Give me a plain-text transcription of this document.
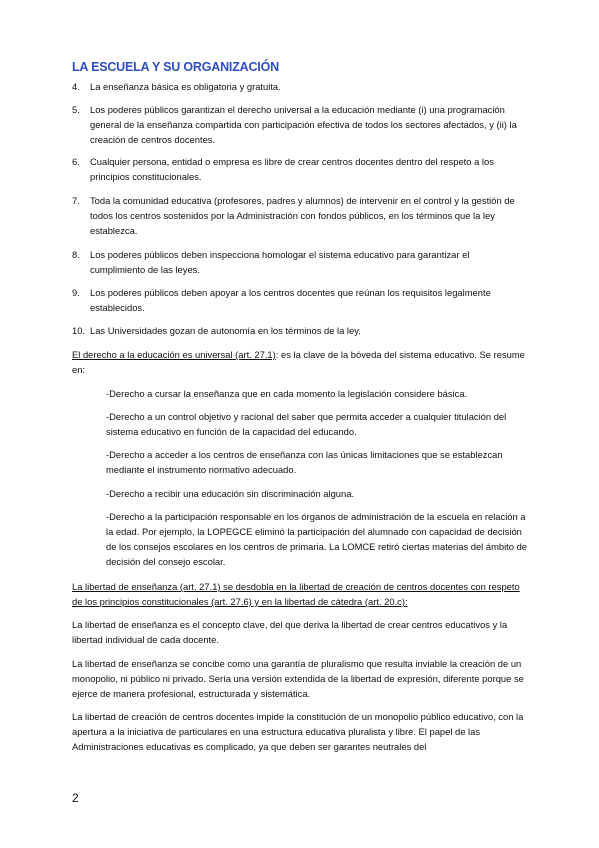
LA ESCUELA Y SU ORGANIZACIÓN
4.	La enseñanza básica es obligatoria y gratuita.
5.	Los poderes públicos garantizan el derecho universal a la educación mediante (i) una programación general de la enseñanza compartida con participación efectiva de todos los sectores afectados, y (ii) la creación de centros docentes.
6.	Cualquier persona, entidad o empresa es libre de crear centros docentes dentro del respeto a los principios constitucionales.
7.	Toda la comunidad educativa (profesores, padres y alumnos) de intervenir en el control y la gestión de todos los centros sostenidos por la Administración con fondos públicos, en los términos que la ley establezca.
8.	Los poderes públicos deben inspecciona homologar el sistema educativo para garantizar el cumplimiento de las leyes.
9.	Los poderes públicos deben apoyar a los centros docentes que reúnan los requisitos legalmente establecidos.
10. Las Universidades gozan de autonomía en los términos de la ley.

El derecho a la educación es universal (art. 27.1): es la clave de la bóveda del sistema educativo. Se resume en:

-Derecho a cursar la enseñanza que en cada momento la legislación considere básica.

-Derecho a un control objetivo y racional del saber que permita acceder a cualquier titulación del sistema educativo en función de la capacidad del educando.

-Derecho a acceder a los centros de enseñanza con las únicas limitaciones que se establezcan mediante el instrumento normativo adecuado.

-Derecho a recibir una educación sin discriminación alguna.

-Derecho a la participación responsable en los órganos de administración de la escuela en relación a la edad. Por ejemplo, la LOPEGCE eliminó la participación del alumnado con capacidad de decisión de los consejos escolares en los centros de primaria. La LOMCE retiró ciertas materias del ámbito de decisión del consejo escolar.

La libertad de enseñanza (art. 27.1) se desdobla en la libertad de creación de centros docentes con respeto de los principios constitucionales (art. 27.6) y en la libertad de cátedra (art. 20.c):

La libertad de enseñanza es el concepto clave, del que deriva la libertad de crear centros educativos y la libertad individual de cada docente.

La libertad de enseñanza se concibe como una garantía de pluralismo que resulta inviable la creación de un monopolio, ni público ni privado. Sería una versión extendida de la libertad de expresión, diferente porque se ejerce de manera profesional, estructurada y sistemática.

La libertad de creación de centros docentes impide la constitución de un monopolio público educativo, con la apertura a la iniciativa de particulares en una estructura educativa pluralista y libre. El papel de las Administraciones educativas es complicado, ya que deben ser garantes neutrales del

2
